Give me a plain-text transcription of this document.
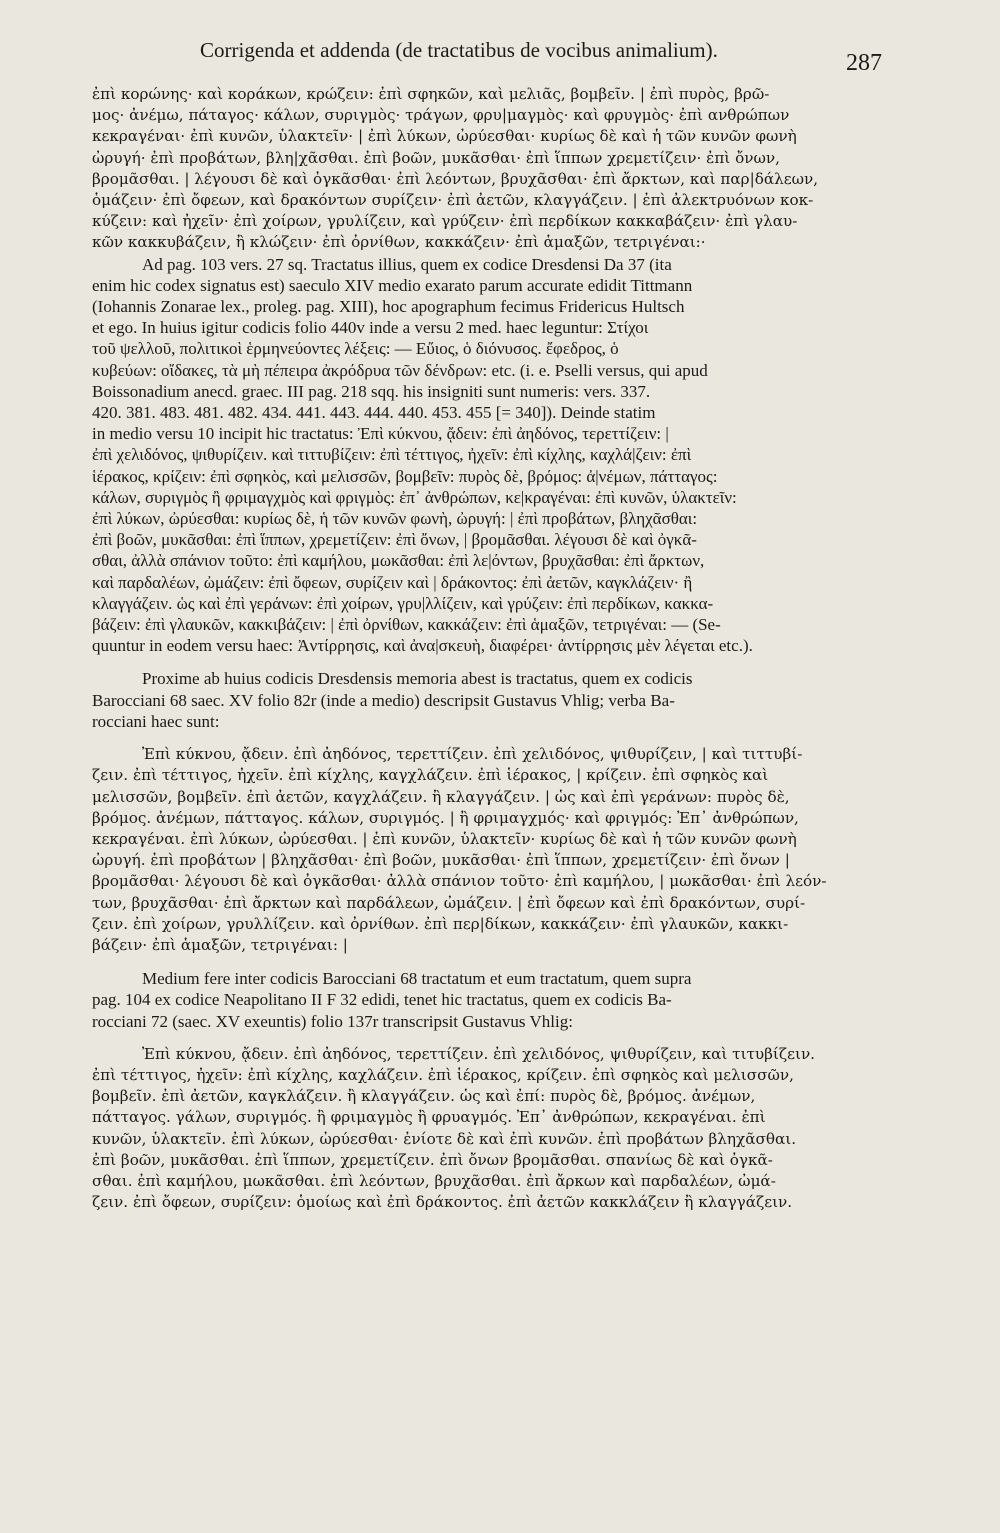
Corrigenda et addenda (de tractatibus de vocibus animalium).	287
ἐπὶ κορώνης· καὶ κοράκων, κρώζειν: ἐπὶ σφηκῶν, καὶ μελιᾶς, βομβεῖν. | ἐπὶ πυρὸς, βρῶ-
μος· ἀνέμω, πάταγος· κάλων, συριγμὸς· τράγων, φρυ|μαγμὸς· καὶ φρυγμὸς· ἐπὶ ανθρώπων
κεκραγέναι· ἐπὶ κυνῶν, ὑλακτεῖν· | ἐπὶ λύκων, ὠρύεσθαι· κυρίως δὲ καὶ ἡ τῶν κυνῶν φωνὴ
ὠρυγή· ἐπὶ προβάτων, βλη|χᾶσθαι. ἐπὶ βοῶν, μυκᾶσθαι· ἐπὶ ἵππων χρεμετίζειν· ἐπὶ ὄνων,
βρομᾶσθαι. | λέγουσι δὲ καὶ ὀγκᾶσθαι· ἐπὶ λεόντων, βρυχᾶσθαι· ἐπὶ ἄρκτων, καὶ παρ|δάλεων,
ὁμάζειν· ἐπὶ ὄφεων, καὶ δρακόντων συρίζειν· ἐπὶ ἀετῶν, κλαγγάζειν. | ἐπὶ ἀλεκτρυόνων κοκ-
κύζειν: καὶ ἠχεῖν· ἐπὶ χοίρων, γρυλίζειν, καὶ γρύζειν· ἐπὶ περδίκων κακκαβάζειν· ἐπὶ γλαυ-
κῶν κακκυβάζειν, ἢ κλώζειν· ἐπὶ ὀρνίθων, κακκάζειν· ἐπὶ ἁμαξῶν, τετριγέναι:·
Ad pag. 103 vers. 27 sq. Tractatus illius, quem ex codice Dresdensi Da 37 (ita
enim hic codex signatus est) saeculo XIV medio exarato parum accurate edidit Tittmann
(Iohannis Zonarae lex., proleg. pag. XIII), hoc apographum fecimus Fridericus Hultsch
et ego. In huius igitur codicis folio 440v inde a versu 2 med. haec leguntur: Στίχοι
τοῦ ψελλοῦ, πολιτικοὶ ἑρμηνεύοντες λέξεις: — Εὔιος, ὁ διόνυσος. ἔφεδρος, ὁ
κυβεύων: οἴδακες, τὰ μὴ πέπειρα ἀκρόδρυα τῶν δένδρων: etc. (i. e. Pselli versus, qui apud
Boissonadium anecd. graec. III pag. 218 sqq. his insigniti sunt numeris: vers. 337.
420. 381. 483. 481. 482. 434. 441. 443. 444. 440. 453. 455 [= 340]). Deinde statim
in medio versu 10 incipit hic tractatus: Ἐπὶ κύκνου, ᾄδειν: ἐπὶ ἀηδόνος, τερεττίζειν: |
ἐπὶ χελιδόνος, ψιθυρίζειν. καὶ τιττυβίζειν: ἐπὶ τέττιγος, ἠχεῖν: ἐπὶ κίχλης, καχλά|ζειν: ἐπὶ
ἱέρακος, κρίζειν: ἐπὶ σφηκὸς, καὶ μελισσῶν, βομβεῖν: πυρὸς δὲ, βρόμος: ἀ|νέμων, πάτταγος:
κάλων, συριγμὸς ἢ φριμαγχμὸς καὶ φριγμὸς: ἐπ᾽ ἀνθρώπων, κε|κραγέναι: ἐπὶ κυνῶν, ὑλακτεῖν:
ἐπὶ λύκων, ὠρύεσθαι: κυρίως δὲ, ἡ τῶν κυνῶν φωνὴ, ὠρυγή: | ἐπὶ προβάτων, βληχᾶσθαι:
ἐπὶ βοῶν, μυκᾶσθαι: ἐπὶ ἵππων, χρεμετίζειν: ἐπὶ ὄνων, | βρομᾶσθαι. λέγουσι δὲ καὶ ὀγκᾶ-
σθαι, ἀλλὰ σπάνιον τοῦτο: ἐπὶ καμήλου, μωκᾶσθαι: ἐπὶ λε|όντων, βρυχᾶσθαι: ἐπὶ ἄρκτων,
καὶ παρδαλέων, ὠμάζειν: ἐπὶ ὄφεων, συρίζειν καὶ | δράκοντος: ἐπὶ ἀετῶν, καγκλάζειν· ἢ
κλαγγάζειν. ὡς καὶ ἐπὶ γεράνων: ἐπὶ χοίρων, γρυ|λλίζειν, καὶ γρύζειν: ἐπὶ περδίκων, κακκα-
βάζειν: ἐπὶ γλαυκῶν, κακκιβάζειν: | ἐπὶ ὀρνίθων, κακκάζειν: ἐπὶ ἁμαξῶν, τετριγέναι: — (Se-
quuntur in eodem versu haec: Ἀντίρρησις, καὶ ἀνα|σκευὴ, διαφέρει· ἀντίρρησις μὲν λέγεται etc.).
Proxime ab huius codicis Dresdensis memoria abest is tractatus, quem ex codicis
Barocciani 68 saec. XV folio 82r (inde a medio) descripsit Gustavus Vhlig; verba Ba-
rocciani haec sunt:
Ἐπὶ κύκνου, ᾄδειν. ἐπὶ ἀηδόνος, τερεττίζειν. ἐπὶ χελιδόνος, ψιθυρίζειν, | καὶ τιττυβί-
ζειν. ἐπὶ τέττιγος, ἠχεῖν. ἐπὶ κίχλης, καγχλάζειν. ἐπὶ ἱέρακος, | κρίζειν. ἐπὶ σφηκὸς καὶ
μελισσῶν, βομβεῖν. ἐπὶ ἀετῶν, καγχλάζειν. ἢ κλαγγάζειν. | ὡς καὶ ἐπὶ γεράνων: πυρὸς δὲ,
βρόμος. ἀνέμων, πάτταγος. κάλων, συριγμός. | ἢ φριμαγχμός· καὶ φριγμός: Ἐπ᾽ ἀνθρώπων,
κεκραγέναι. ἐπὶ λύκων, ὠρύεσθαι. | ἐπὶ κυνῶν, ὑλακτεῖν· κυρίως δὲ καὶ ἡ τῶν κυνῶν φωνὴ
ὠρυγή. ἐπὶ προβάτων | βληχᾶσθαι· ἐπὶ βοῶν, μυκᾶσθαι· ἐπὶ ἵππων, χρεμετίζειν· ἐπὶ ὄνων |
βρομᾶσθαι· λέγουσι δὲ καὶ ὀγκᾶσθαι· ἀλλὰ σπάνιον τοῦτο· ἐπὶ καμήλου, | μωκᾶσθαι· ἐπὶ λεόν-
των, βρυχᾶσθαι· ἐπὶ ἄρκτων καὶ παρδάλεων, ὠμάζειν. | ἐπὶ ὄφεων καὶ ἐπὶ δρακόντων, συρί-
ζειν. ἐπὶ χοίρων, γρυλλίζειν. καὶ ὀρνίθων. ἐπὶ περ|δίκων, κακκάζειν· ἐπὶ γλαυκῶν, κακκι-
βάζειν· ἐπὶ ἁμαξῶν, τετριγέναι: |
Medium fere inter codicis Barocciani 68 tractatum et eum tractatum, quem supra
pag. 104 ex codice Neapolitano II F 32 edidi, tenet hic tractatus, quem ex codicis Ba-
rocciani 72 (saec. XV exeuntis) folio 137r transcripsit Gustavus Vhlig:
Ἐπὶ κύκνου, ᾄδειν. ἐπὶ ἀηδόνος, τερεττίζειν. ἐπὶ χελιδόνος, ψιθυρίζειν, καὶ τιτυβίζειν.
ἐπὶ τέττιγος, ἠχεῖν: ἐπὶ κίχλης, καχλάζειν. ἐπὶ ἱέρακος, κρίζειν. ἐπὶ σφηκὸς καὶ μελισσῶν,
βομβεῖν. ἐπὶ ἀετῶν, καγκλάζειν. ἢ κλαγγάζειν. ὡς καὶ ἐπί: πυρὸς δὲ, βρόμος. ἀνέμων,
πάτταγος. γάλων, συριγμός. ἢ φριμαγμὸς ἢ φρυαγμός. Ἐπ᾽ ἀνθρώπων, κεκραγέναι. ἐπὶ
κυνῶν, ὑλακτεῖν. ἐπὶ λύκων, ὠρύεσθαι· ἐνίοτε δὲ καὶ ἐπὶ κυνῶν. ἐπὶ προβάτων βληχᾶσθαι.
ἐπὶ βοῶν, μυκᾶσθαι. ἐπὶ ἵππων, χρεμετίζειν. ἐπὶ ὄνων βρομᾶσθαι. σπανίως δὲ καὶ ὀγκᾶ-
σθαι. ἐπὶ καμήλου, μωκᾶσθαι. ἐπὶ λεόντων, βρυχᾶσθαι. ἐπὶ ἄρκων καὶ παρδαλέων, ὠμά-
ζειν. ἐπὶ ὄφεων, συρίζειν: ὁμοίως καὶ ἐπὶ δράκοντος. ἐπὶ ἀετῶν κακκλάζειν ἢ κλαγγάζειν.
